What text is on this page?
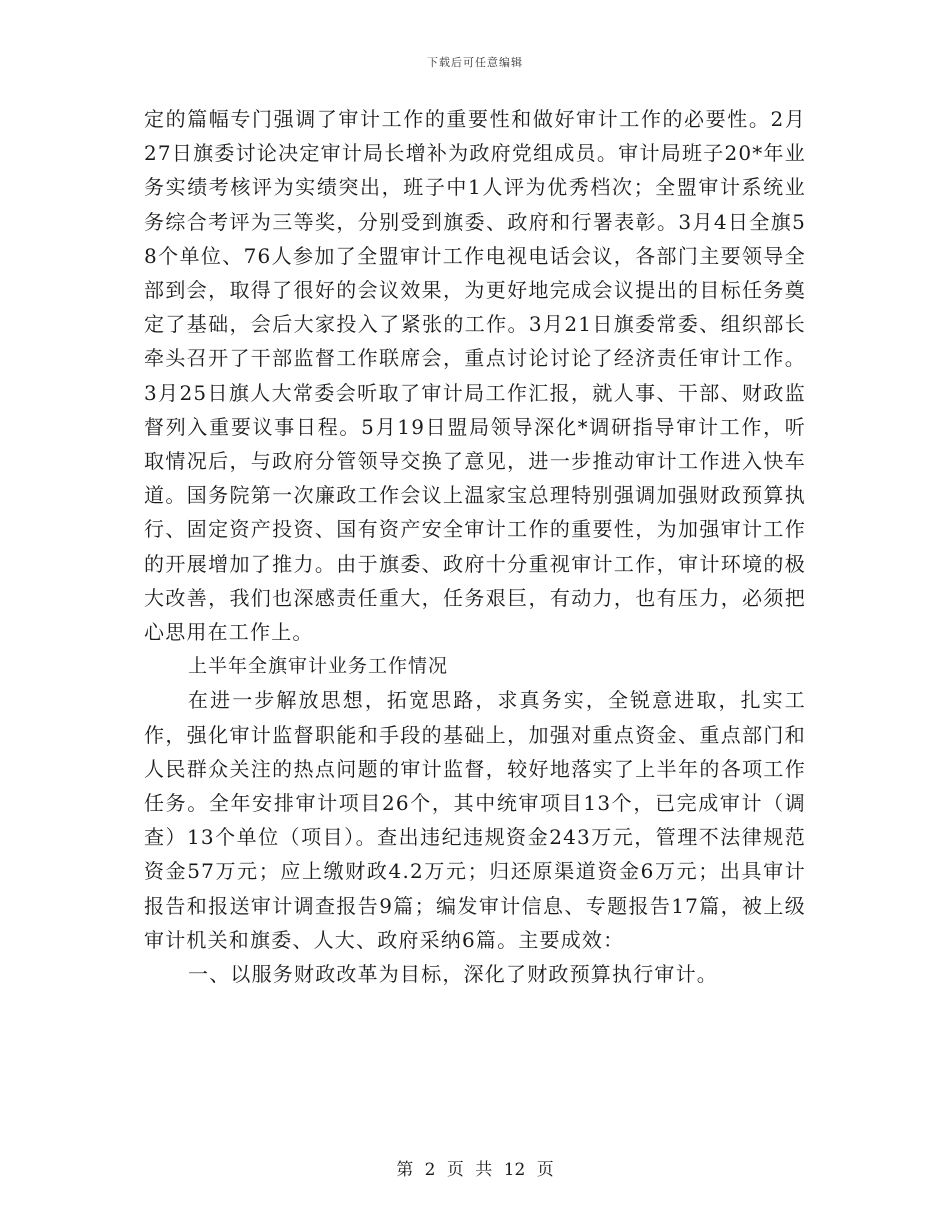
下载后可任意编辑

定的篇幅专门强调了审计工作的重要性和做好审计工作的必要性。2月27日旗委讨论决定审计局长增补为政府党组成员。审计局班子20*年业务实绩考核评为实绩突出，班子中1人评为优秀档次；全盟审计系统业务综合考评为三等奖，分别受到旗委、政府和行署表彰。3月4日全旗58个单位、76人参加了全盟审计工作电视电话会议，各部门主要领导全部到会，取得了很好的会议效果，为更好地完成会议提出的目标任务奠定了基础，会后大家投入了紧张的工作。3月21日旗委常委、组织部长牵头召开了干部监督工作联席会，重点讨论讨论了经济责任审计工作。3月25日旗人大常委会听取了审计局工作汇报，就人事、干部、财政监督列入重要议事日程。5月19日盟局领导深化*调研指导审计工作，听取情况后，与政府分管领导交换了意见，进一步推动审计工作进入快车道。国务院第一次廉政工作会议上温家宝总理特别强调加强财政预算执行、固定资产投资、国有资产安全审计工作的重要性，为加强审计工作的开展增加了推力。由于旗委、政府十分重视审计工作，审计环境的极大改善，我们也深感责任重大，任务艰巨，有动力，也有压力，必须把心思用在工作上。

上半年全旗审计业务工作情况

在进一步解放思想，拓宽思路，求真务实，全锐意进取，扎实工作，强化审计监督职能和手段的基础上，加强对重点资金、重点部门和人民群众关注的热点问题的审计监督，较好地落实了上半年的各项工作任务。全年安排审计项目26个，其中统审项目13个，已完成审计（调查）13个单位（项目）。查出违纪违规资金243万元，管理不法律规范资金57万元；应上缴财政4.2万元；归还原渠道资金6万元；出具审计报告和报送审计调查报告9篇；编发审计信息、专题报告17篇，被上级审计机关和旗委、人大、政府采纳6篇。主要成效：

一、以服务财政改革为目标，深化了财政预算执行审计。

第 2 页 共 12 页
